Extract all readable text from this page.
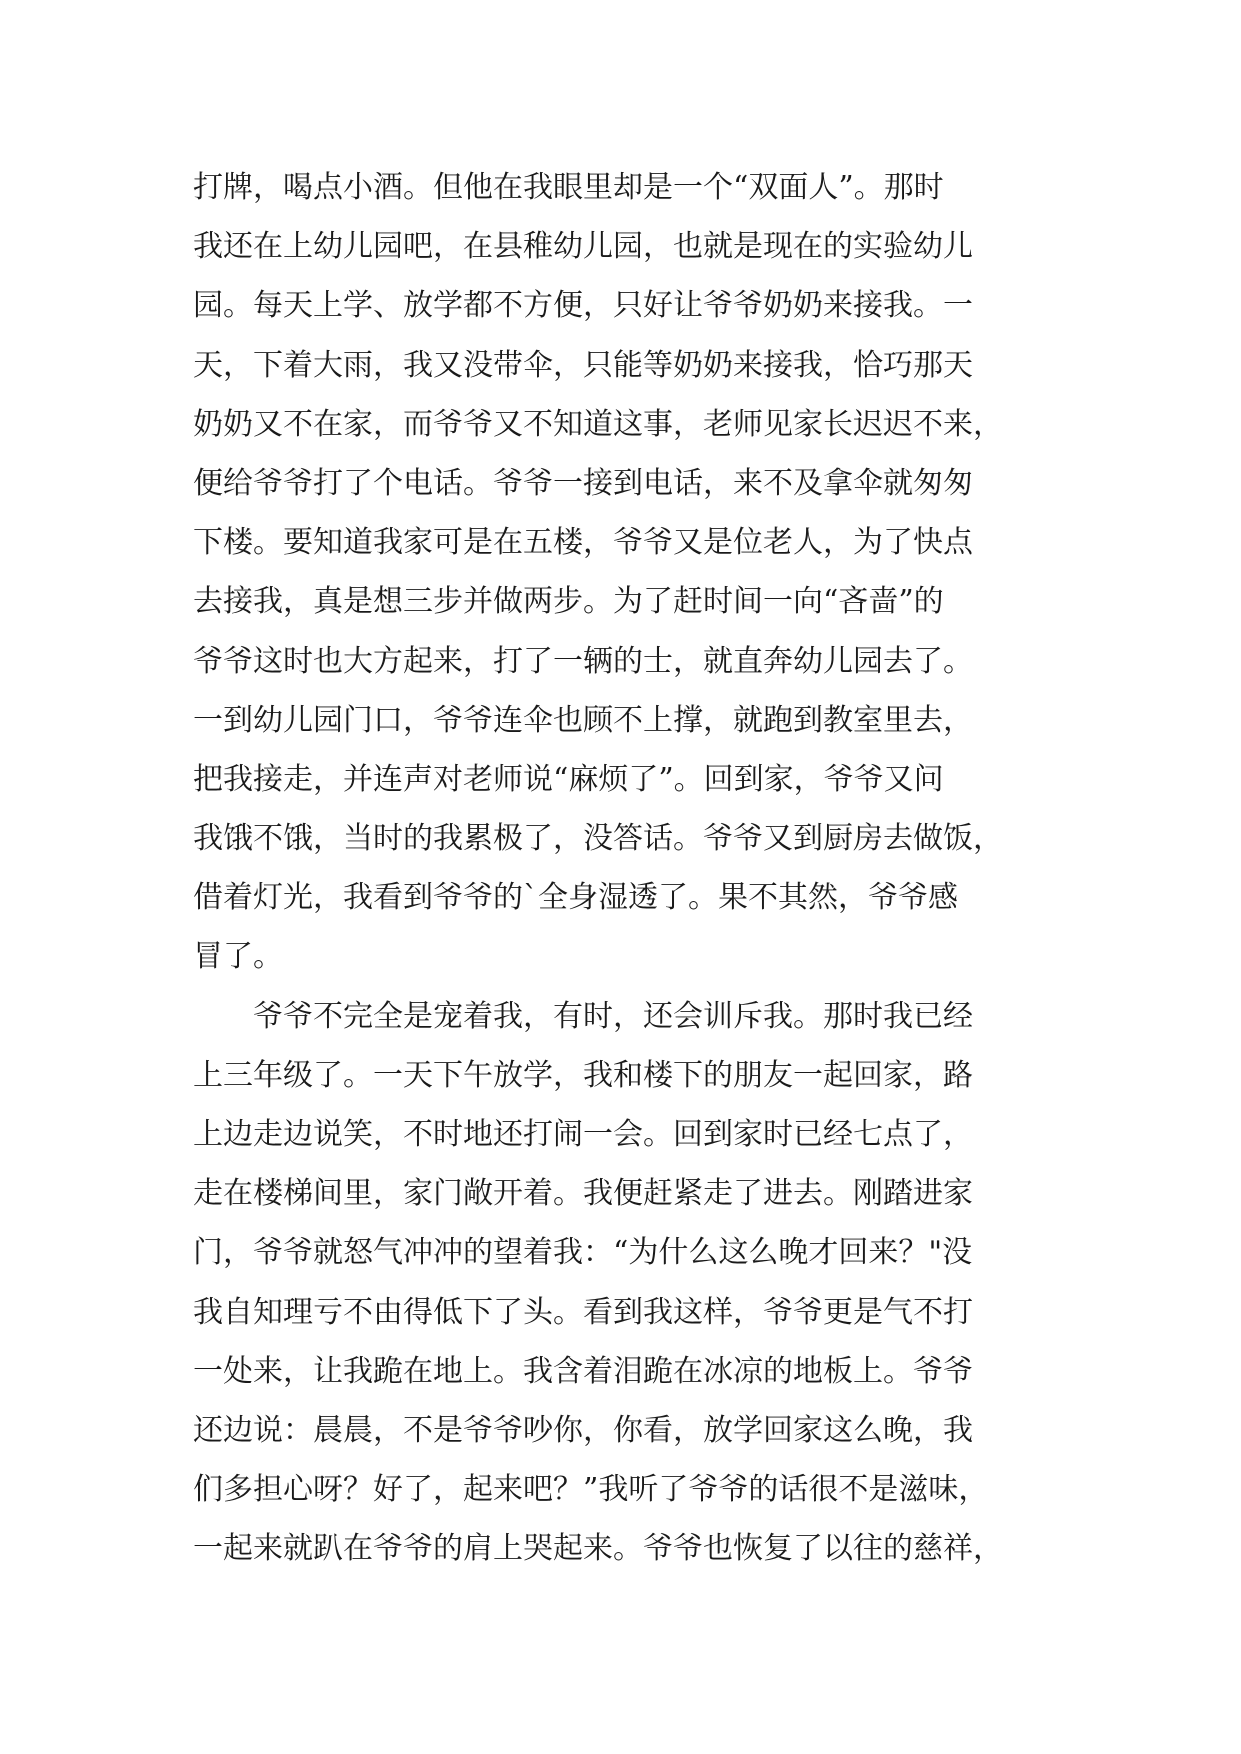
打牌，喝点小酒。但他在我眼里却是一个“双面人”。那时
我还在上幼儿园吧，在县稚幼儿园，也就是现在的实验幼儿
园。每天上学、放学都不方便，只好让爷爷奶奶来接我。一
天，下着大雨，我又没带伞，只能等奶奶来接我，恰巧那天
奶奶又不在家，而爷爷又不知道这事，老师见家长迟迟不来，
便给爷爷打了个电话。爷爷一接到电话，来不及拿伞就匆匆
下楼。要知道我家可是在五楼，爷爷又是位老人，为了快点
去接我，真是想三步并做两步。为了赶时间一向“吝啬”的
爷爷这时也大方起来，打了一辆的士，就直奔幼儿园去了。
一到幼儿园门口，爷爷连伞也顾不上撑，就跑到教室里去，
把我接走，并连声对老师说“麻烦了”。回到家，爷爷又问
我饿不饿，当时的我累极了，没答话。爷爷又到厨房去做饭，
借着灯光，我看到爷爷的`全身湿透了。果不其然，爷爷感
冒了。
　　爷爷不完全是宠着我，有时，还会训斥我。那时我已经
上三年级了。一天下午放学，我和楼下的朋友一起回家，路
上边走边说笑，不时地还打闹一会。回到家时已经七点了，
走在楼梯间里，家门敞开着。我便赶紧走了进去。刚踏进家
门，爷爷就怒气冲冲的望着我：“为什么这么晚才回来？"没
我自知理亏不由得低下了头。看到我这样，爷爷更是气不打
一处来，让我跪在地上。我含着泪跪在冰凉的地板上。爷爷
还边说：晨晨，不是爷爷吵你，你看，放学回家这么晚，我
们多担心呀？好了，起来吧？”我听了爷爷的话很不是滋味，
一起来就趴在爷爷的肩上哭起来。爷爷也恢复了以往的慈祥，
